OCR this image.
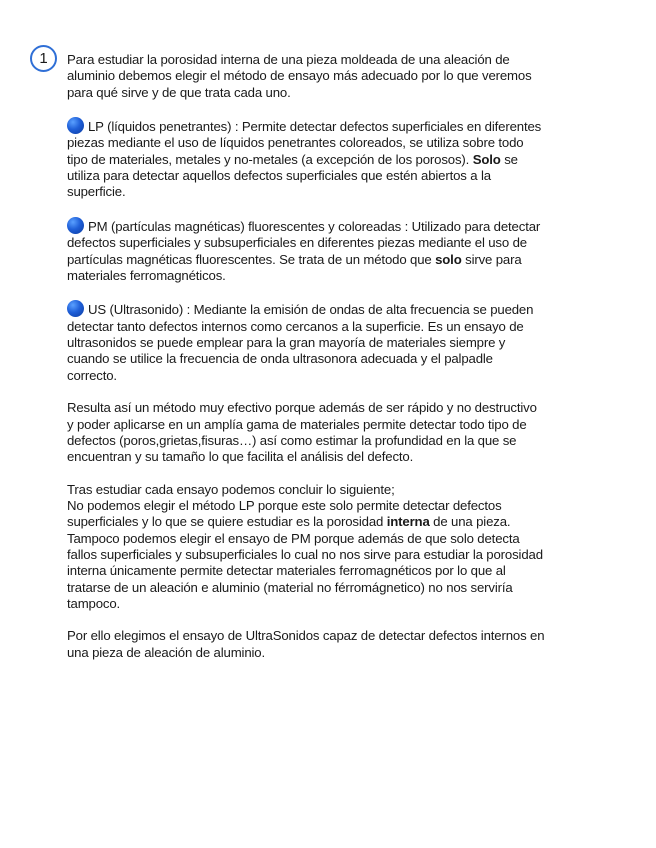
1	Para estudiar la porosidad interna de una pieza moldeada de una aleación de
aluminio debemos elegir el método de ensayo más adecuado por lo que veremos
para qué sirve y de que trata cada uno.

LP (líquidos penetrantes) : Permite detectar defectos superficiales en diferentes
piezas mediante el uso de líquidos penetrantes coloreados, se utiliza sobre todo
tipo de materiales, metales y no-metales (a excepción de los porosos). Solo se
utiliza para detectar aquellos defectos superficiales que estén abiertos a la
superficie.

PM (partículas magnéticas) fluorescentes y coloreadas : Utilizado para detectar
defectos superficiales y subsuperficiales en diferentes piezas mediante el uso de
partículas magnéticas fluorescentes. Se trata de un método que solo sirve para
materiales ferromagnéticos.

US (Ultrasonido) : Mediante la emisión de ondas de alta frecuencia se pueden
detectar tanto defectos internos como cercanos a la superficie. Es un ensayo de
ultrasonidos se puede emplear para la gran mayoría de materiales siempre y
cuando se utilice la frecuencia de onda ultrasonora adecuada y el palpadle
correcto.

Resulta así un método muy efectivo porque además de ser rápido y no destructivo
y poder aplicarse en un amplía gama de materiales permite detectar todo tipo de
defectos (poros,grietas,fisuras…) así como estimar la profundidad en la que se
encuentran y su tamaño lo que facilita el análisis del defecto.

Tras estudiar cada ensayo podemos concluir lo siguiente;
No podemos elegir el método LP porque este solo permite detectar defectos
superficiales y lo que se quiere estudiar es la porosidad interna de una pieza.
Tampoco podemos elegir el ensayo de PM porque además de que solo detecta
fallos superficiales y subsuperficiales lo cual no nos sirve para estudiar la porosidad
interna únicamente permite detectar materiales ferromagnéticos por lo que al
tratarse de un aleación e aluminio (material no férromágnetico) no nos serviría
tampoco.

Por ello elegimos el ensayo de UltraSonidos capaz de detectar defectos internos en
una pieza de aleación de aluminio.
